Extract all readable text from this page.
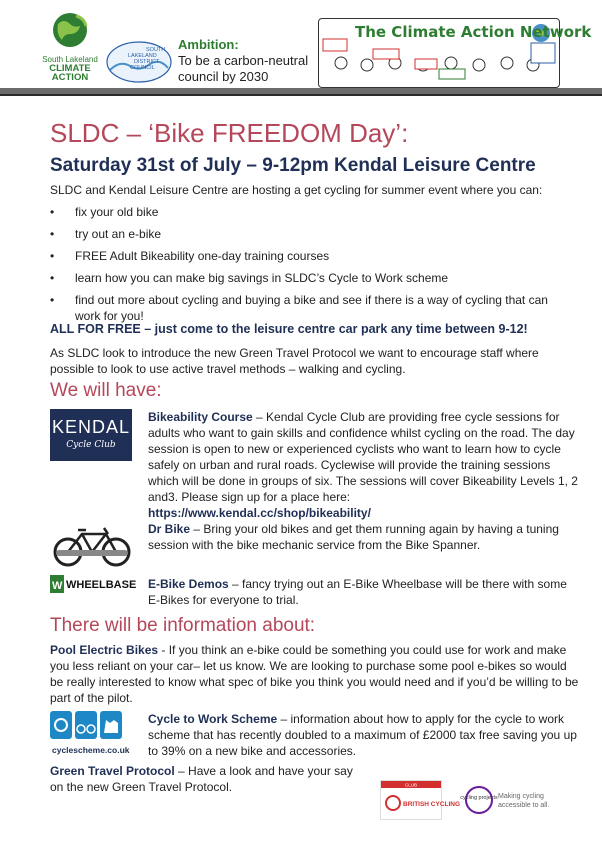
South Lakeland
CLIMATE
ACTION
SOUTH
LAKELAND
DISTRICT
COUNCIL
Ambition:
To be a carbon-neutral
council by 2030
The Climate Action Network
SLDC – ‘Bike FREEDOM Day’:
Saturday 31st of July – 9-12pm Kendal Leisure Centre
SLDC and Kendal Leisure Centre are hosting a get cycling for summer event where you can:
• fix your old bike
• try out an e-bike
• FREE Adult Bikeability one-day training courses
• learn how you can make big savings in SLDC’s Cycle to Work scheme
• find out more about cycling and buying a bike and see if there is a way of cycling that can work for you!
ALL FOR FREE – just come to the leisure centre car park any time between 9-12!
As SLDC look to introduce the new Green Travel Protocol we want to encourage staff where possible to look to use active travel methods – walking and cycling.
We will have:
KENDAL
Cycle Club
Bikeability Course – Kendal Cycle Club are providing free cycle sessions for adults who want to gain skills and confidence whilst cycling on the road. The day session is open to new or experienced cyclists who want to learn how to cycle safely on urban and rural roads. Cyclewise will provide the training sessions which will be done in groups of six. The sessions will cover Bikeability Levels 1, 2 and3. Please sign up for a place here:
https://www.kendal.cc/shop/bikeability/
Dr Bike – Bring your old bikes and get them running again by having a tuning session with the bike mechanic service from the Bike Spanner.
W WHEELBASE E-Bike Demos – fancy trying out an E-Bike Wheelbase will be there with some E-Bikes for everyone to trial.
There will be information about:
Pool Electric Bikes - If you think an e-bike could be something you could use for work and make you less reliant on your car– let us know. We are looking to purchase some pool e-bikes so would be really interested to know what spec of bike you think you would need and if you’d be willing to be part of the pilot.
cyclescheme.co.uk
Cycle to Work Scheme – information about how to apply for the cycle to work scheme that has recently doubled to a maximum of £2000 tax free saving you up to 39% on a new bike and accessories.
Green Travel Protocol – Have a look and have your say
on the new Green Travel Protocol.	CLUB
BRITISH CYCLING
cycling projects Making cycling
accessible to all.
